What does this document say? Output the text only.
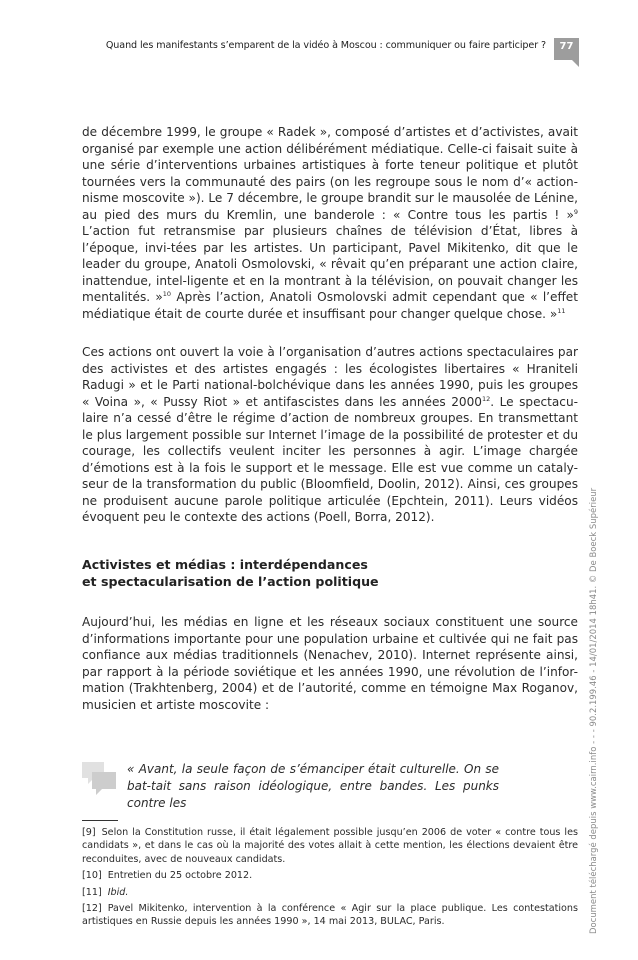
Quand les manifestants s’emparent de la vidéo à Moscou : communiquer ou faire participer ?	77
de décembre 1999, le groupe « Radek », composé d’artistes et d’activistes, avait organisé par exemple une action délibérément médiatique. Celle-ci faisait suite à une série d’interventions urbaines artistiques à forte teneur politique et plutôt tournées vers la communauté des pairs (on les regroupe sous le nom d’« action-nisme moscovite »). Le 7 décembre, le groupe brandit sur le mausolée de Lénine, au pied des murs du Kremlin, une banderole : « Contre tous les partis ! »$^9$ L’action fut retransmise par plusieurs chaînes de télévision d’État, libres à l’époque, invi-tées par les artistes. Un participant, Pavel Mikitenko, dit que le leader du groupe, Anatoli Osmolovski, « rêvait qu’en préparant une action claire, inattendue, intel-ligente et en la montrant à la télévision, on pouvait changer les mentalités. »$^{10}$ Après l’action, Anatoli Osmolovski admit cependant que « l’effet médiatique était de courte durée et insuffisant pour changer quelque chose. »$^{11}$
Ces actions ont ouvert la voie à l’organisation d’autres actions spectaculaires par des activistes et des artistes engagés : les écologistes libertaires « Hraniteli Radugi » et le Parti national-bolchévique dans les années 1990, puis les groupes « Voina », « Pussy Riot » et antifascistes dans les années 2000$^{12}$. Le spectacu-laire n’a cessé d’être le régime d’action de nombreux groupes. En transmettant le plus largement possible sur Internet l’image de la possibilité de protester et du courage, les collectifs veulent inciter les personnes à agir. L’image chargée d’émotions est à la fois le support et le message. Elle est vue comme un cataly-seur de la transformation du public (Bloomfield, Doolin, 2012). Ainsi, ces groupes ne produisent aucune parole politique articulée (Epchtein, 2011). Leurs vidéos évoquent peu le contexte des actions (Poell, Borra, 2012).
Activistes et médias : interdépendances
et spectacularisation de l’action politique
Aujourd’hui, les médias en ligne et les réseaux sociaux constituent une source d’informations importante pour une population urbaine et cultivée qui ne fait pas confiance aux médias traditionnels (Nenachev, 2010). Internet représente ainsi, par rapport à la période soviétique et les années 1990, une révolution de l’infor-mation (Trakhtenberg, 2004) et de l’autorité, comme en témoigne Max Roganov, musicien et artiste moscovite :
« Avant, la seule façon de s’émanciper était culturelle. On se bat-tait sans raison idéologique, entre bandes. Les punks contre les
[9] Selon la Constitution russe, il était légalement possible jusqu’en 2006 de voter « contre tous les candidats », et dans le cas où la majorité des votes allait à cette mention, les élections devaient être reconduites, avec de nouveaux candidats.
[10] Entretien du 25 octobre 2012.
[11] Ibid.
[12] Pavel Mikitenko, intervention à la conférence « Agir sur la place publique. Les contestations artistiques en Russie depuis les années 1990 », 14 mai 2013, BULAC, Paris.	Document téléchargé depuis www.cairn.info - - - 90.2.199.46 - 14/01/2014 18h41. © De Boeck Supérieur
